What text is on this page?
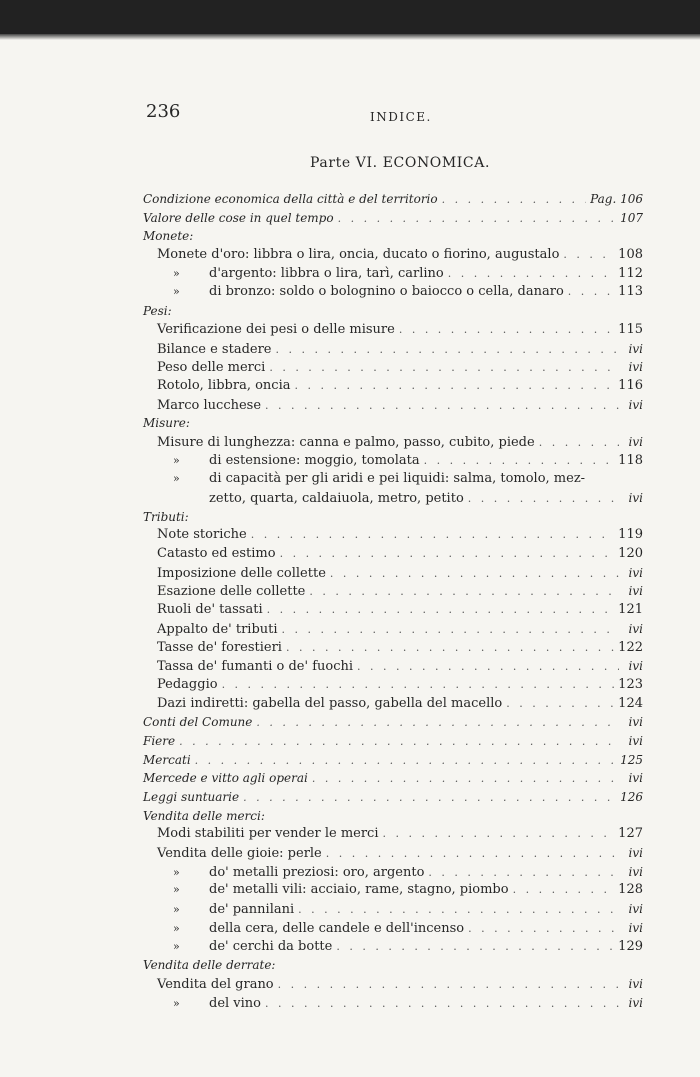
236	INDICE.
Parte VI. ECONOMICA.
Condizione economica della città e del territorio . . .	Pag. 106
Valore delle cose in quel tempo . . .	107
Monete:
Monete d'oro: libbra o lira, oncia, ducato o fiorino, augustalo . . .	108
»	d'argento: libbra o lira, tarì, carlino . . .	112
»	di bronzo: soldo o bolognino o baiocco o cella, danaro . . .	113
Pesi:
Verificazione dei pesi o delle misure . . .	115
Bilance e stadere . . .	ivi
Peso delle merci . . .	ivi
Rotolo, libbra, oncia . . .	116
Marco lucchese . . .	ivi
Misure:
Misure di lunghezza: canna e palmo, passo, cubito, piede . . .	ivi
»	di estensione: moggio, tomolata . . .	118
»	di capacità per gli aridi e pei liquidi: salma, tomolo, mez-
zetto, quarta, caldaiuola, metro, petito . . .	ivi
Tributi:
Note storiche . . .	119
Catasto ed estimo . . .	120
Imposizione delle collette . . .	ivi
Esazione delle collette . . .	ivi
Ruoli de' tassati . . .	121
Appalto de' tributi . . .	ivi
Tasse de' forestieri . . .	122
Tassa de' fumanti o de' fuochi . . .	ivi
Pedaggio . . .	123
Dazi indiretti: gabella del passo, gabella del macello . . .	124
Conti del Comune . . .	ivi
Fiere . . .	ivi
Mercati . . .	125
Mercede e vitto agli operai . . .	ivi
Leggi suntuarie . . .	126
Vendita delle merci:
Modi stabiliti per vender le merci . . .	127
Vendita delle gioie: perle . . .	ivi
»	do' metalli preziosi: oro, argento . . .	ivi
»	de' metalli vili: acciaio, rame, stagno, piombo . . .	128
»	de' pannilani . . .	ivi
»	della cera, delle candele e dell'incenso . . .	ivi
»	de' cerchi da botte . . .	129
Vendita delle derrate:
Vendita del grano . . .	ivi
»	del vino . . .	ivi
